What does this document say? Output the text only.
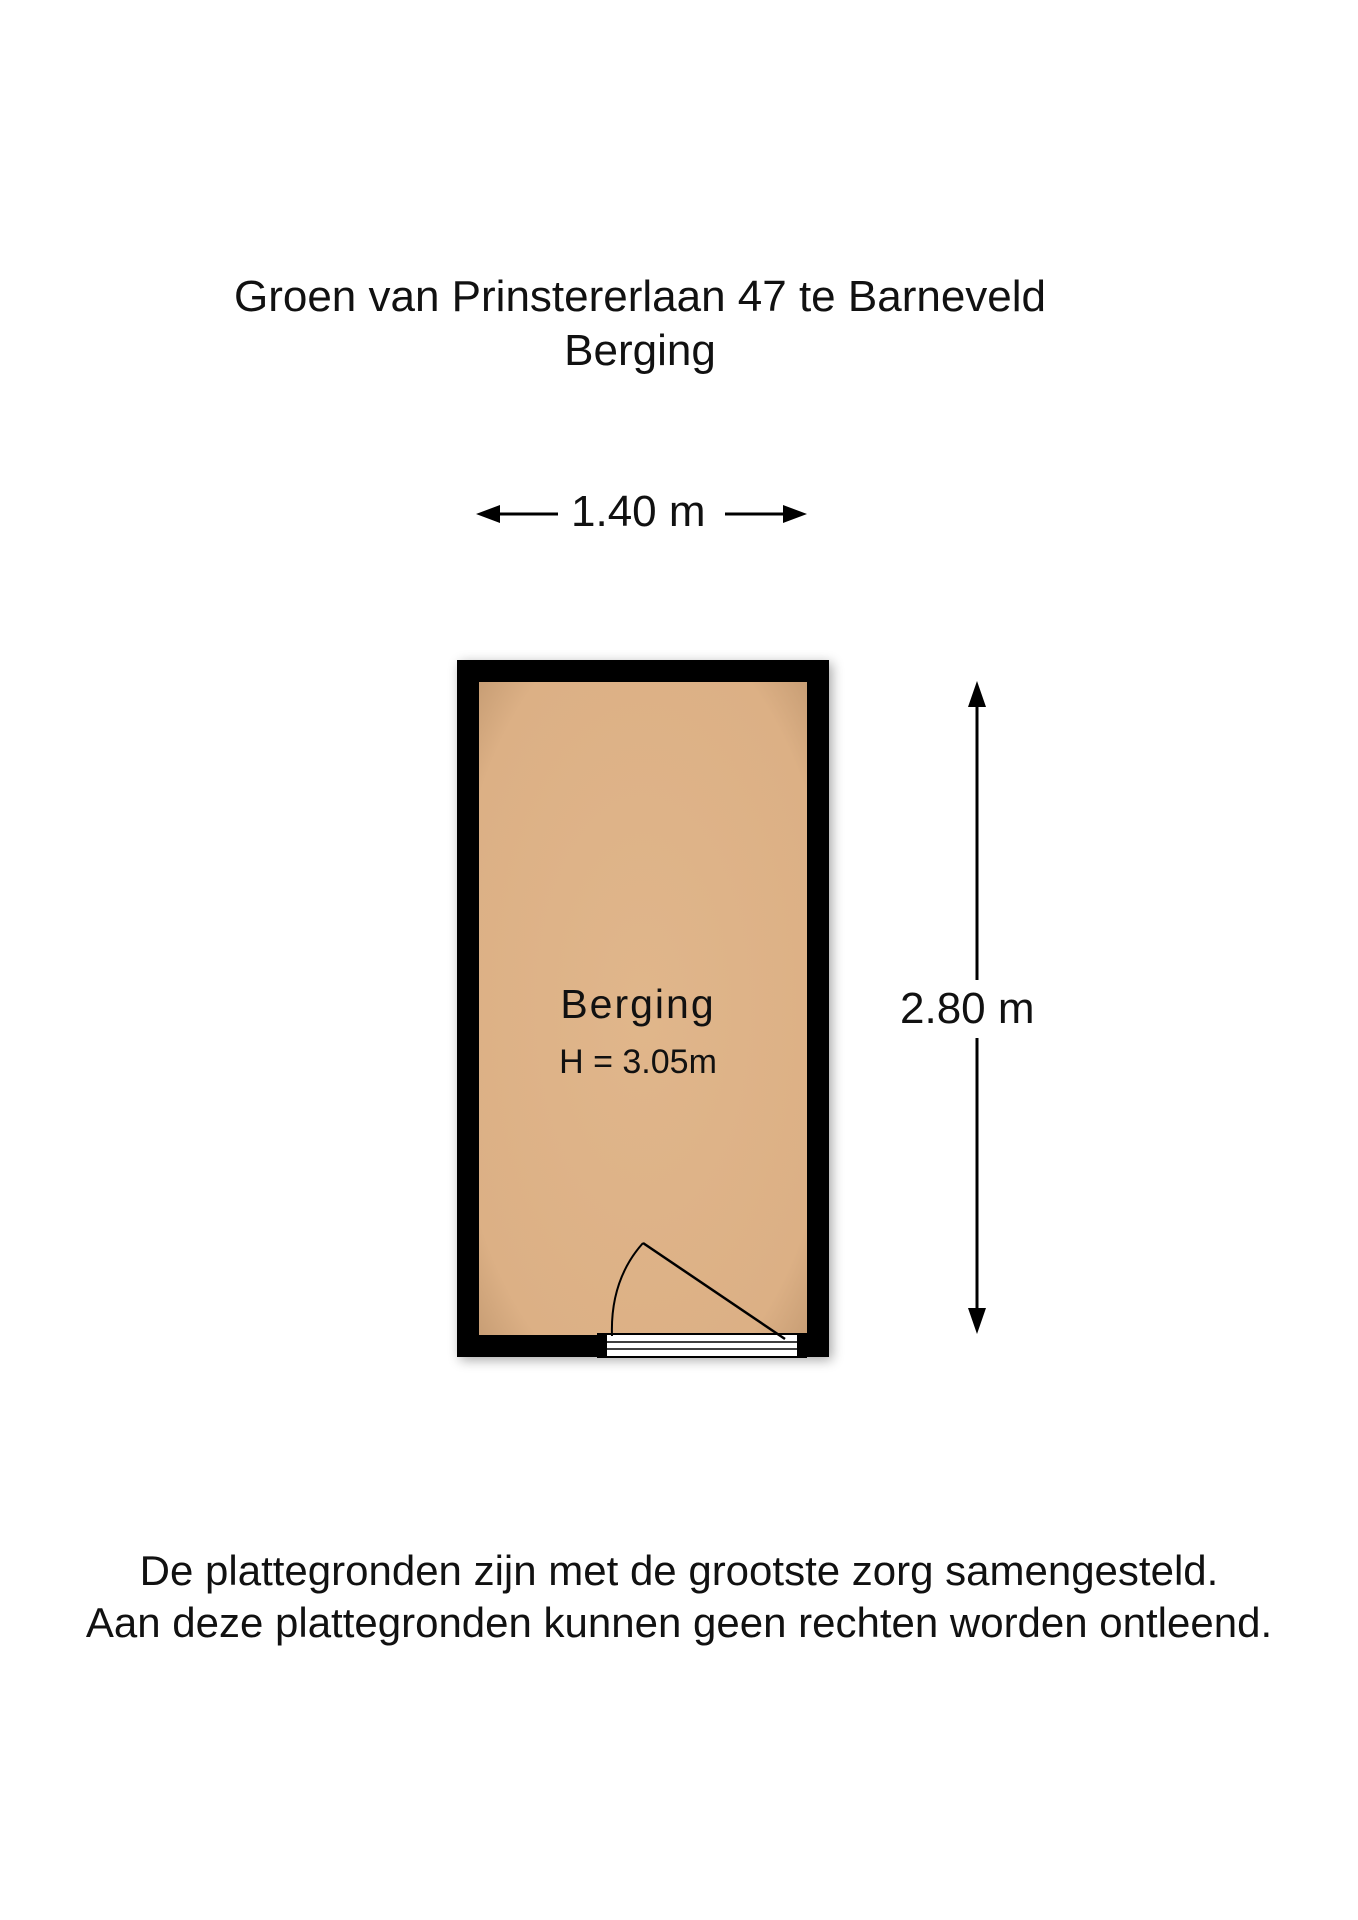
Groen van Prinstererlaan 47 te Barneveld
Berging
1.40 m
2.80 m
Berging
H = 3.05m
De plattegronden zijn met de grootste zorg samengesteld.
Aan deze plattegronden kunnen geen rechten worden ontleend.
